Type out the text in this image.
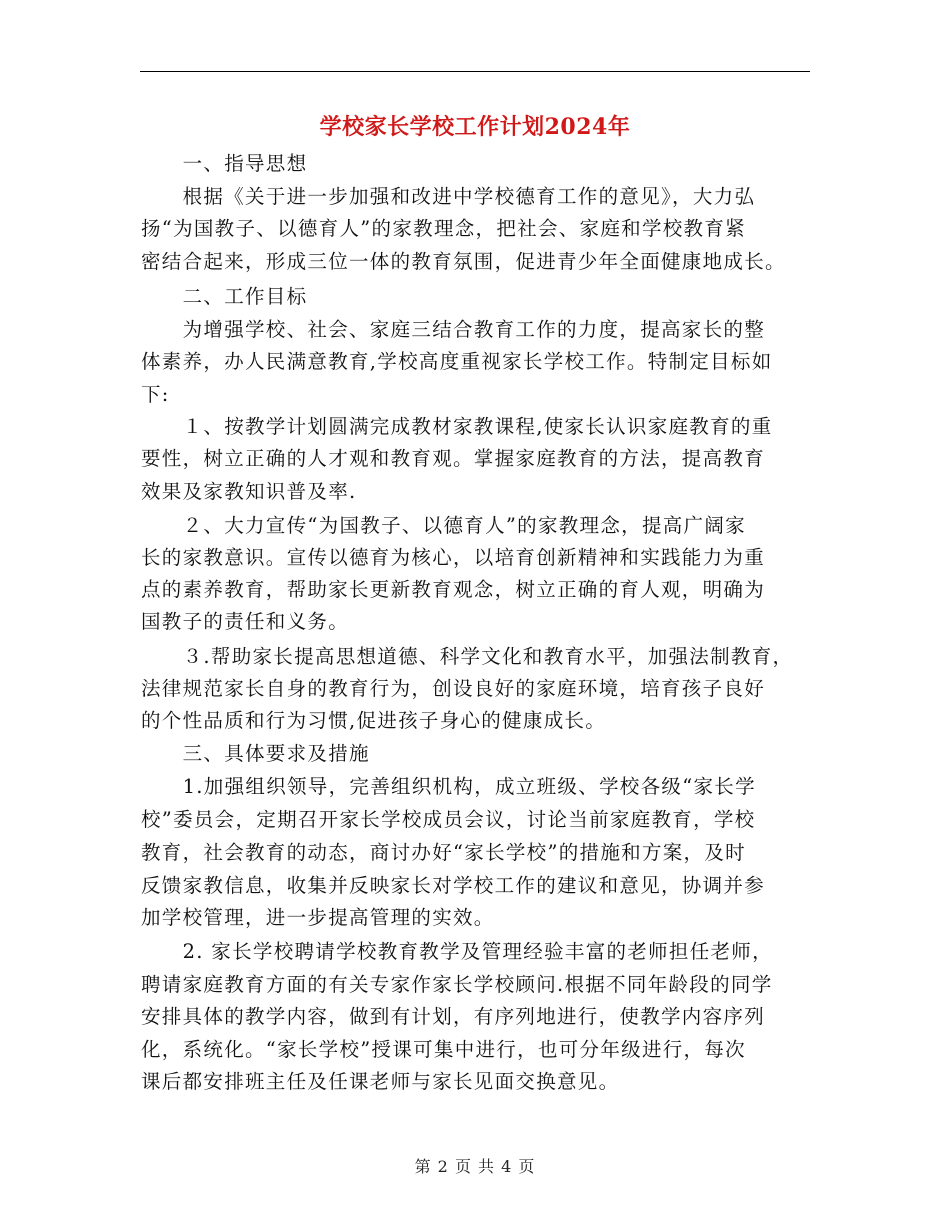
学校家长学校工作计划2024年
　　一、指导思想
　　根据《关于进一步加强和改进中学校德育工作的意见》，大力弘
扬“为国教子、以德育人”的家教理念，把社会、家庭和学校教育紧
密结合起来，形成三位一体的教育氛围，促进青少年全面健康地成长。
　　二、工作目标
　　为增强学校、社会、家庭三结合教育工作的力度，提高家长的整
体素养，办人民满意教育,学校高度重视家长学校工作。特制定目标如
下:
　　１、按教学计划圆满完成教材家教课程,使家长认识家庭教育的重
要性，树立正确的人才观和教育观。掌握家庭教育的方法，提高教育
效果及家教知识普及率.
　　２、大力宣传“为国教子、以德育人”的家教理念，提高广阔家
长的家教意识。宣传以德育为核心，以培育创新精神和实践能力为重
点的素养教育，帮助家长更新教育观念，树立正确的育人观，明确为
国教子的责任和义务。
　　３.帮助家长提高思想道德、科学文化和教育水平，加强法制教育，
法律规范家长自身的教育行为，创设良好的家庭环境，培育孩子良好
的个性品质和行为习惯,促进孩子身心的健康成长。
　　三、具体要求及措施
　　1.加强组织领导，完善组织机构，成立班级、学校各级“家长学
校”委员会，定期召开家长学校成员会议，讨论当前家庭教育，学校
教育，社会教育的动态，商讨办好“家长学校”的措施和方案，及时
反馈家教信息，收集并反映家长对学校工作的建议和意见，协调并参
加学校管理，进一步提高管理的实效。
　　2. 家长学校聘请学校教育教学及管理经验丰富的老师担任老师，
聘请家庭教育方面的有关专家作家长学校顾问.根据不同年龄段的同学
安排具体的教学内容，做到有计划，有序列地进行，使教学内容序列
化，系统化。“家长学校”授课可集中进行，也可分年级进行，每次
课后都安排班主任及任课老师与家长见面交换意见。
第 2 页 共 4 页
